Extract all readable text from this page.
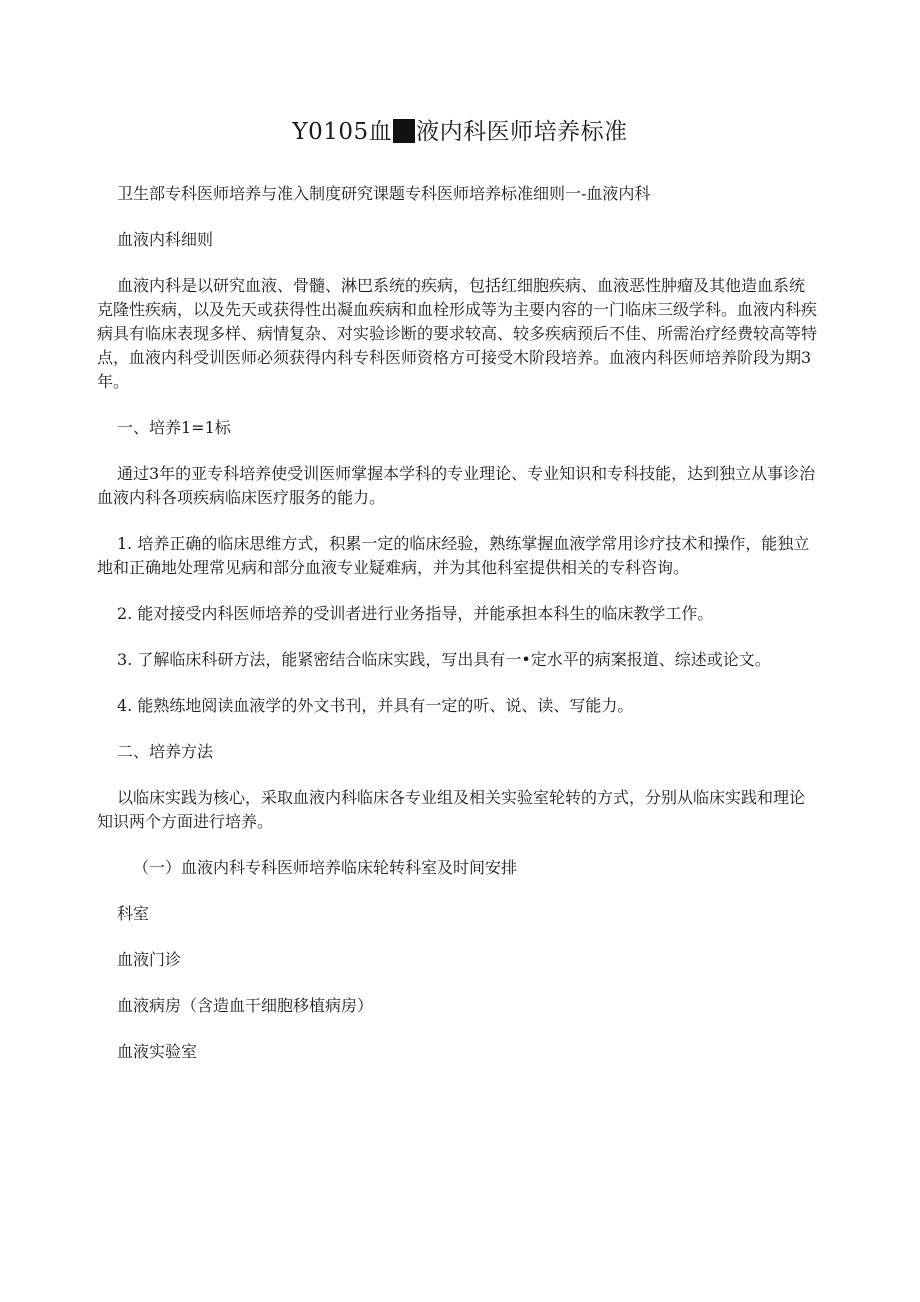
Y0105血 液内科医师培养标准

卫生部专科医师培养与准入制度研究课题专科医师培养标准细则一-血液内科

血液内科细则

血液内科是以研究血液、骨髓、淋巴系统的疾病，包括红细胞疾病、血液恶性肿瘤及其他造血系统克隆性疾病，以及先天或获得性出凝血疾病和血栓形成等为主要内容的一门临床三级学科。血液内科疾病具有临床表现多样、病情复杂、对实验诊断的要求较高、较多疾病预后不佳、所需治疗经费较高等特点，血液内科受训医师必须获得内科专科医师资格方可接受木阶段培养。血液内科医师培养阶段为期3年。

一、培养1=1标

通过3年的亚专科培养使受训医师掌握本学科的专业理论、专业知识和专科技能，达到独立从事诊治血液内科各项疾病临床医疗服务的能力。

1. 培养正确的临床思维方式，积累一定的临床经验，熟练掌握血液学常用诊疗技术和操作，能独立地和正确地处理常见病和部分血液专业疑难病，并为其他科室提供相关的专科咨询。

2. 能对接受内科医师培养的受训者进行业务指导，并能承担本科生的临床教学工作。

3. 了解临床科研方法，能紧密结合临床实践，写出具有一•定水平的病案报道、综述或论文。

4. 能熟练地阅读血液学的外文书刊，并具有一定的听、说、读、写能力。

二、培养方法

以临床实践为核心，采取血液内科临床各专业组及相关实验室轮转的方式，分别从临床实践和理论知识两个方面进行培养。

（一）血液内科专科医师培养临床轮转科室及时间安排

科室

血液门诊

血液病房（含造血干细胞移植病房）

血液实验室
